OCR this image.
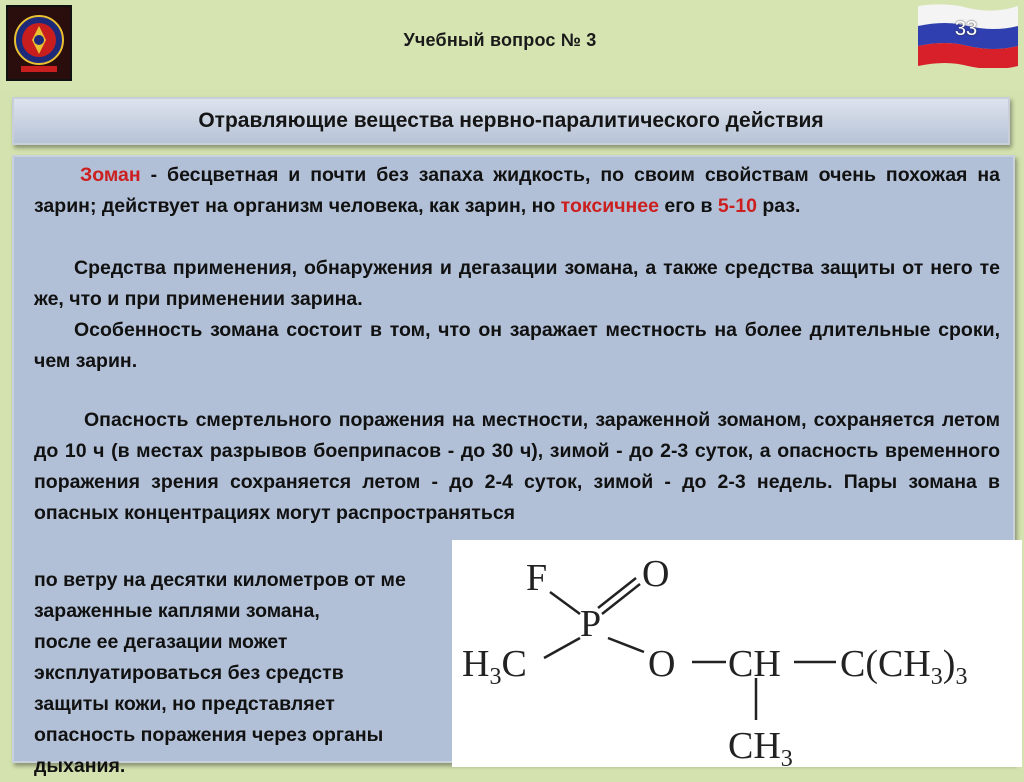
Учебный вопрос № 3	33
Отравляющие вещества нервно-паралитического действия
Зоман - бесцветная и почти без запаха жидкость, по своим свойствам очень похожая на зарин; действует на организм человека, как зарин, но токсичнее его в 5-10 раз.
Средства применения, обнаружения и дегазации зомана, а также средства защиты от него те же, что и при применении зарина.
Особенность зомана состоит в том, что он заражает местность на более длительные сроки, чем зарин.
Опасность смертельного поражения на местности, зараженной зоманом, сохраняется летом до 10 ч (в местах разрывов боеприпасов - до 30 ч), зимой - до 2-3 суток, а опасность временного поражения зрения сохраняется летом - до 2-4 суток, зимой - до 2-3 недель. Пары зомана в опасных концентрациях могут распространяться
по ветру на десятки километров от ме
зараженные каплями зомана,
после ее дегазации может
эксплуатироваться без средств
защиты кожи, но представляет
опасность поражения через органы
дыхания.
F O
P
$H_3C$	O CH $C(CH_3)_3$
$CH_3$
